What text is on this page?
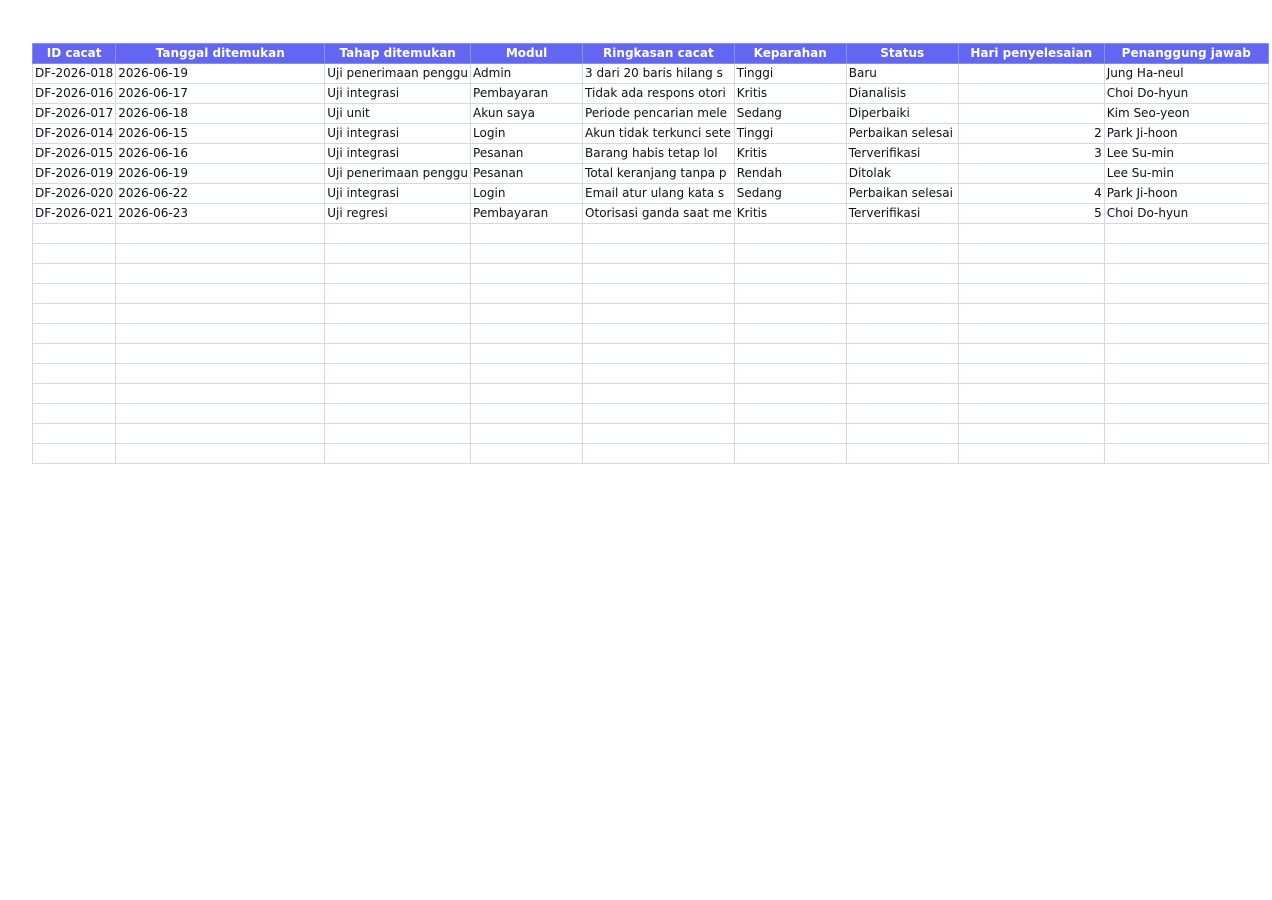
ID cacat	Tanggal ditemukan	Tahap ditemukan	Modul	Ringkasan cacat	Keparahan	Status	Hari penyelesaian	Penanggung jawab
DF-2026-018	2026-06-19	Uji penerimaan penggu	Admin	3 dari 20 baris hilang s	Tinggi	Baru		Jung Ha-neul
DF-2026-016	2026-06-17	Uji integrasi	Pembayaran	Tidak ada respons otori	Kritis	Dianalisis		Choi Do-hyun
DF-2026-017	2026-06-18	Uji unit	Akun saya	Periode pencarian mele	Sedang	Diperbaiki		Kim Seo-yeon
DF-2026-014	2026-06-15	Uji integrasi	Login	Akun tidak terkunci sete	Tinggi	Perbaikan selesai	2	Park Ji-hoon
DF-2026-015	2026-06-16	Uji integrasi	Pesanan	Barang habis tetap lol	Kritis	Terverifikasi	3	Lee Su-min
DF-2026-019	2026-06-19	Uji penerimaan penggu	Pesanan	Total keranjang tanpa p	Rendah	Ditolak		Lee Su-min
DF-2026-020	2026-06-22	Uji integrasi	Login	Email atur ulang kata s	Sedang	Perbaikan selesai	4	Park Ji-hoon
DF-2026-021	2026-06-23	Uji regresi	Pembayaran	Otorisasi ganda saat me	Kritis	Terverifikasi	5	Choi Do-hyun
